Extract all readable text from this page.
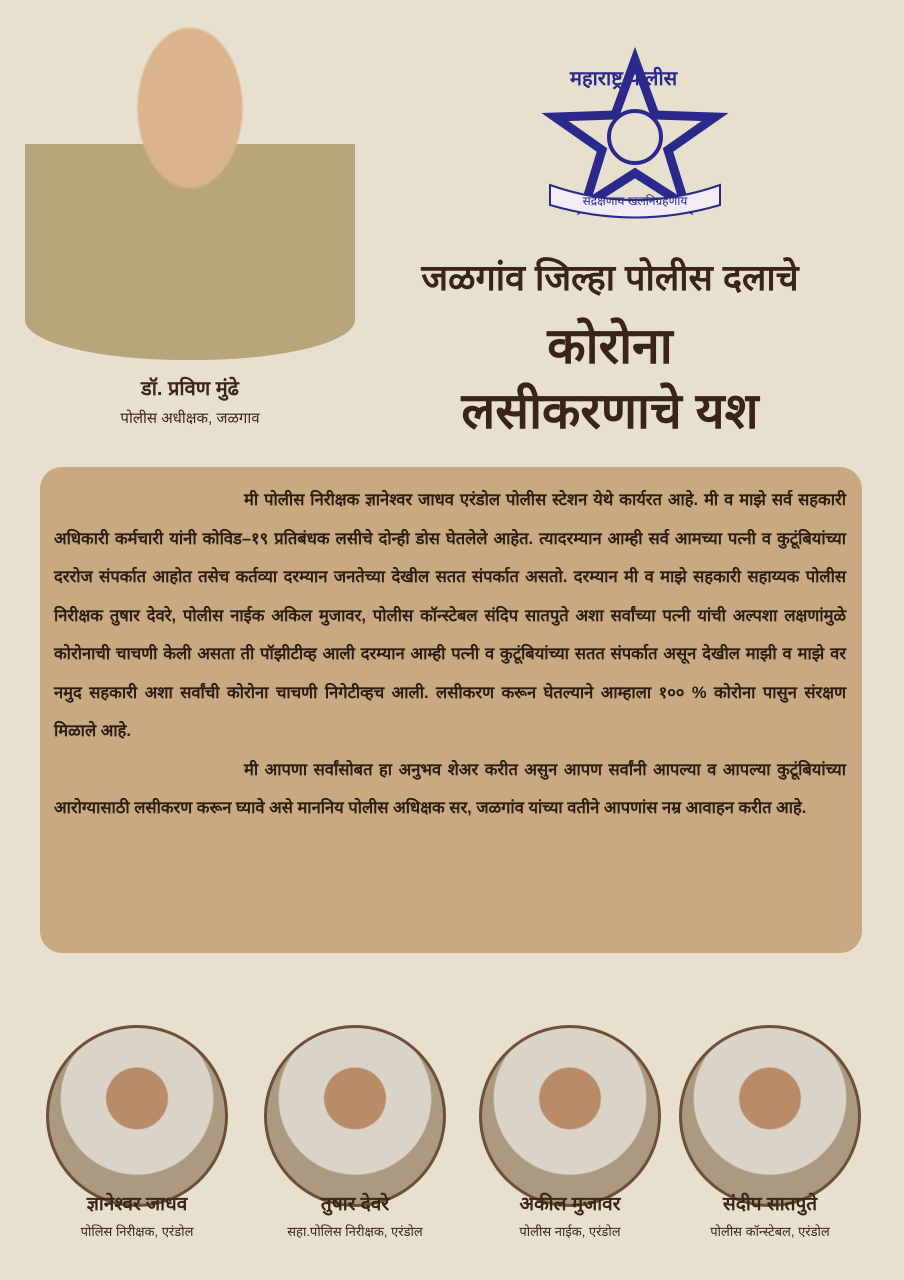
डॉ. प्रविण मुंढे
पोलीस अधीक्षक, जळगाव
महाराष्ट्र पोलीस
सद्रक्षणाय खलनिग्रहणाय
जळगांव जिल्हा पोलीस दलाचे
कोरोना
लसीकरणाचे यश

मी पोलीस निरीक्षक ज्ञानेश्वर जाधव एरंडोल पोलीस स्टेशन येथे कार्यरत आहे. मी व माझे सर्व सहकारी अधिकारी कर्मचारी यांनी कोविड–१९ प्रतिबंधक लसीचे दोन्ही डोस घेतलेले आहेत. त्यादरम्यान आम्ही सर्व आमच्या पत्नी व कुटूंबियांच्या दररोज संपर्कात आहोत तसेच कर्तव्या दरम्यान जनतेच्या देखील सतत संपर्कात असतो. दरम्यान मी व माझे सहकारी सहाय्यक पोलीस निरीक्षक तुषार देवरे, पोलीस नाईक अकिल मुजावर, पोलीस कॉन्स्टेबल संदिप सातपुते अशा सर्वांच्या पत्नी यांची अल्पशा लक्षणांमुळे कोरोनाची चाचणी केली असता ती पॉझीटीव्ह आली दरम्यान आम्ही पत्नी व कुटूंबियांच्या सतत संपर्कात असून देखील माझी व माझे वर नमुद सहकारी अशा सर्वांची कोरोना चाचणी निगेटीव्हच आली. लसीकरण करून घेतल्याने आम्हाला १०० % कोरोना पासुन संरक्षण मिळाले आहे.

मी आपणा सर्वांसोबत हा अनुभव शेअर करीत असुन आपण सर्वांनी आपल्या व आपल्या कुटूंबियांच्या आरोग्यासाठी लसीकरण करून घ्यावे असे माननिय पोलीस अधिक्षक सर, जळगांव यांच्या वतीने आपणांस नम्र आवाहन करीत आहे.

ज्ञानेश्वर जाधव
पोलिस निरीक्षक, एरंडोल
तुषार देवरे
सहा.पोलिस निरीक्षक, एरंडोल
अकील मुजावर
पोलीस नाईक, एरंडोल
संदीप सातपुते
पोलीस कॉन्स्टेबल, एरंडोल
